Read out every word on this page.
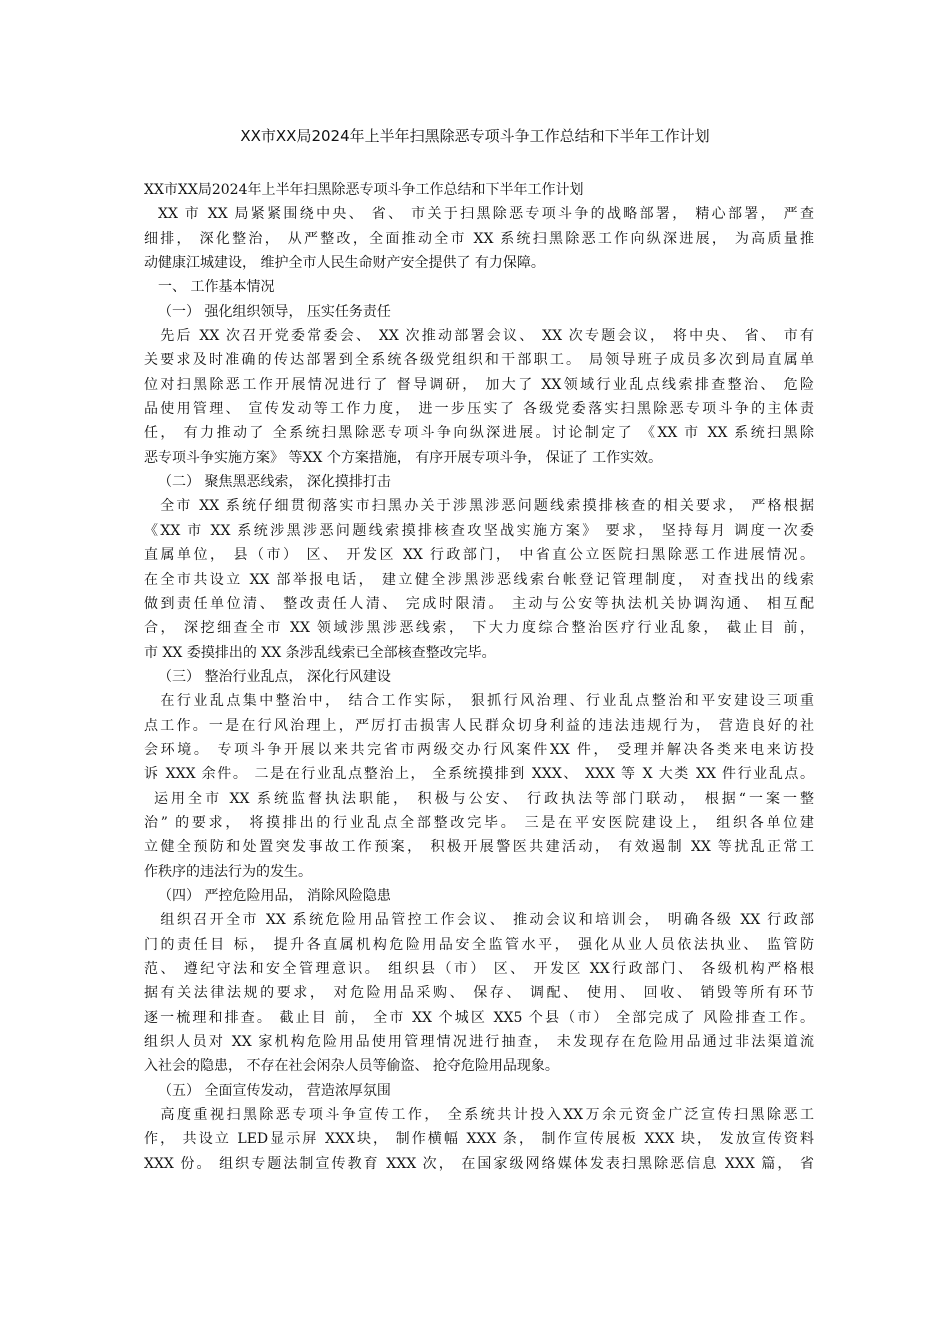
XX市XX局2024年上半年扫黑除恶专项斗争工作总结和下半年工作计划

XX市XX局2024年上半年扫黑除恶专项斗争工作总结和下半年工作计划

XX 市 XX 局紧紧围绕中央、 省、 市关于扫黑除恶专项斗争的战略部署， 精心部署， 严查

细排， 深化整治， 从严整改，全面推动全市 XX 系统扫黑除恶工作向纵深进展， 为高质量推

动健康江城建设， 维护全市人民生命财产安全提供了 有力保障。

一、 工作基本情况

（一） 强化组织领导， 压实任务责任

先后 XX 次召开党委常委会、 XX 次推动部署会议、 XX 次专题会议， 将中央、 省、 市有

关要求及时准确的传达部署到全系统各级党组织和干部职工。 局领导班子成员多次到局直属单

位对扫黑除恶工作开展情况进行了 督导调研， 加大了 XX领域行业乱点线索排查整治、 危险

品使用管理、 宣传发动等工作力度， 进一步压实了 各级党委落实扫黑除恶专项斗争的主体责

任， 有力推动了 全系统扫黑除恶专项斗争向纵深进展。讨论制定了 《XX 市 XX 系统扫黑除

恶专项斗争实施方案》 等XX 个方案措施， 有序开展专项斗争， 保证了 工作实效。

（二） 聚焦黑恶线索， 深化摸排打击

全市 XX 系统仔细贯彻落实市扫黑办关于涉黑涉恶问题线索摸排核查的相关要求， 严格根据

《XX 市 XX 系统涉黑涉恶问题线索摸排核查攻坚战实施方案》 要求， 坚持每月 调度一次委

直属单位， 县（市） 区、 开发区 XX 行政部门， 中省直公立医院扫黑除恶工作进展情况。

在全市共设立 XX 部举报电话， 建立健全涉黑涉恶线索台帐登记管理制度， 对查找出的线索

做到责任单位清、 整改责任人清、 完成时限清。 主动与公安等执法机关协调沟通、 相互配

合， 深挖细查全市 XX 领域涉黑涉恶线索， 下大力度综合整治医疗行业乱象， 截止目 前，

市 XX 委摸排出的 XX 条涉乱线索已全部核查整改完毕。

（三） 整治行业乱点， 深化行风建设

在行业乱点集中整治中， 结合工作实际， 狠抓行风治理、行业乱点整治和平安建设三项重

点工作。一是在行风治理上，严厉打击损害人民群众切身利益的违法违规行为， 营造良好的社

会环境。 专项斗争开展以来共完省市两级交办行风案件XX 件， 受理并解决各类来电来访投

诉 XXX 余件。 二是在行业乱点整治上， 全系统摸排到 XXX、 XXX 等 X 大类 XX 件行业乱点。

运用全市 XX 系统监督执法职能， 积极与公安、 行政执法等部门联动， 根据“一案一整

治” 的要求， 将摸排出的行业乱点全部整改完毕。 三是在平安医院建设上， 组织各单位建

立健全预防和处置突发事故工作预案， 积极开展警医共建活动， 有效遏制 XX 等扰乱正常工

作秩序的违法行为的发生。

（四） 严控危险用品， 消除风险隐患

组织召开全市 XX 系统危险用品管控工作会议、 推动会议和培训会， 明确各级 XX 行政部

门的责任目 标， 提升各直属机构危险用品安全监管水平， 强化从业人员依法执业、 监管防

范、 遵纪守法和安全管理意识。 组织县（市） 区、 开发区 XX行政部门、 各级机构严格根

据有关法律法规的要求， 对危险用品采购、 保存、 调配、 使用、 回收、 销毁等所有环节

逐一梳理和排查。 截止目 前， 全市 XX 个城区 XX5 个县（市） 全部完成了 风险排查工作。

组织人员对 XX 家机构危险用品使用管理情况进行抽查， 未发现存在危险用品通过非法渠道流

入社会的隐患， 不存在社会闲杂人员等偷盗、 抢夺危险用品现象。

（五） 全面宣传发动， 营造浓厚氛围

高度重视扫黑除恶专项斗争宣传工作， 全系统共计投入XX万余元资金广泛宣传扫黑除恶工

作， 共设立 LED显示屏 XXX块， 制作横幅 XXX 条， 制作宣传展板 XXX 块， 发放宣传资料

XXX 份。 组织专题法制宣传教育 XXX 次， 在国家级网络媒体发表扫黑除恶信息 XXX 篇， 省
